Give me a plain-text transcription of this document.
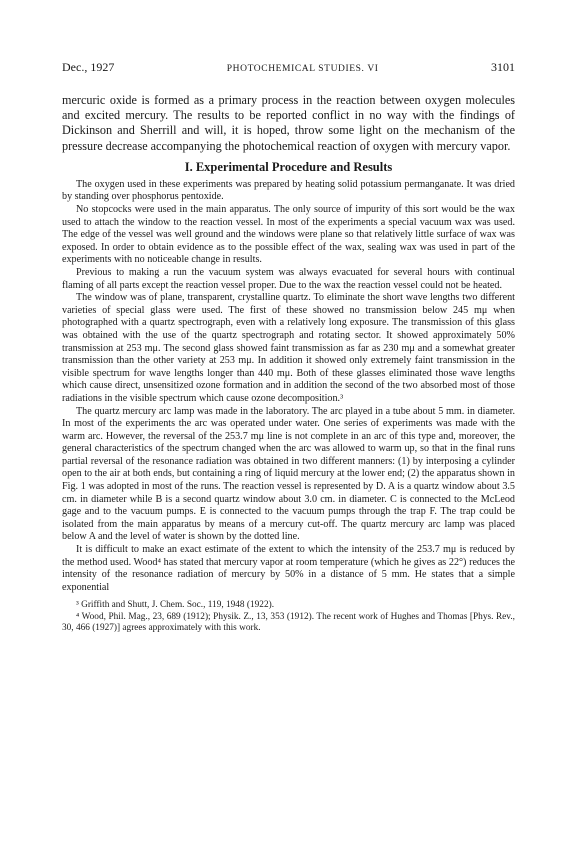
Dec., 1927	PHOTOCHEMICAL STUDIES. VI	3101

mercuric oxide is formed as a primary process in the reaction between oxygen molecules and excited mercury. The results to be reported conflict in no way with the findings of Dickinson and Sherrill and will, it is hoped, throw some light on the mechanism of the pressure decrease accompanying the photochemical reaction of oxygen with mercury vapor.

I. Experimental Procedure and Results

The oxygen used in these experiments was prepared by heating solid potassium permanganate. It was dried by standing over phosphorus pentoxide.

No stopcocks were used in the main apparatus. The only source of impurity of this sort would be the wax used to attach the window to the reaction vessel. In most of the experiments a special vacuum wax was used. The edge of the vessel was well ground and the windows were plane so that relatively little surface of wax was exposed. In order to obtain evidence as to the possible effect of the wax, sealing wax was used in part of the experiments with no noticeable change in results.

Previous to making a run the vacuum system was always evacuated for several hours with continual flaming of all parts except the reaction vessel proper. Due to the wax the reaction vessel could not be heated.

The window was of plane, transparent, crystalline quartz. To eliminate the short wave lengths two different varieties of special glass were used. The first of these showed no transmission below 245 mμ when photographed with a quartz spectrograph, even with a relatively long exposure. The transmission of this glass was obtained with the use of the quartz spectrograph and rotating sector. It showed approximately 50% transmission at 253 mμ. The second glass showed faint transmission as far as 230 mμ and a somewhat greater transmission than the other variety at 253 mμ. In addition it showed only extremely faint transmission in the visible spectrum for wave lengths longer than 440 mμ. Both of these glasses eliminated those wave lengths which cause direct, unsensitized ozone formation and in addition the second of the two absorbed most of those radiations in the visible spectrum which cause ozone decomposition.³

The quartz mercury arc lamp was made in the laboratory. The arc played in a tube about 5 mm. in diameter. In most of the experiments the arc was operated under water. One series of experiments was made with the warm arc. However, the reversal of the 253.7 mμ line is not complete in an arc of this type and, moreover, the general characteristics of the spectrum changed when the arc was allowed to warm up, so that in the final runs partial reversal of the resonance radiation was obtained in two different manners: (1) by interposing a cylinder open to the air at both ends, but containing a ring of liquid mercury at the lower end; (2) the apparatus shown in Fig. 1 was adopted in most of the runs. The reaction vessel is represented by D. A is a quartz window about 3.5 cm. in diameter while B is a second quartz window about 3.0 cm. in diameter. C is connected to the McLeod gage and to the vacuum pumps. E is connected to the vacuum pumps through the trap F. The trap could be isolated from the main apparatus by means of a mercury cut-off. The quartz mercury arc lamp was placed below A and the level of water is shown by the dotted line.

It is difficult to make an exact estimate of the extent to which the intensity of the 253.7 mμ is reduced by the method used. Wood⁴ has stated that mercury vapor at room temperature (which he gives as 22°) reduces the intensity of the resonance radiation of mercury by 50% in a distance of 5 mm. He states that a simple exponential

³ Griffith and Shutt, J. Chem. Soc., 119, 1948 (1922).

⁴ Wood, Phil. Mag., 23, 689 (1912); Physik. Z., 13, 353 (1912). The recent work of Hughes and Thomas [Phys. Rev., 30, 466 (1927)] agrees approximately with this work.
